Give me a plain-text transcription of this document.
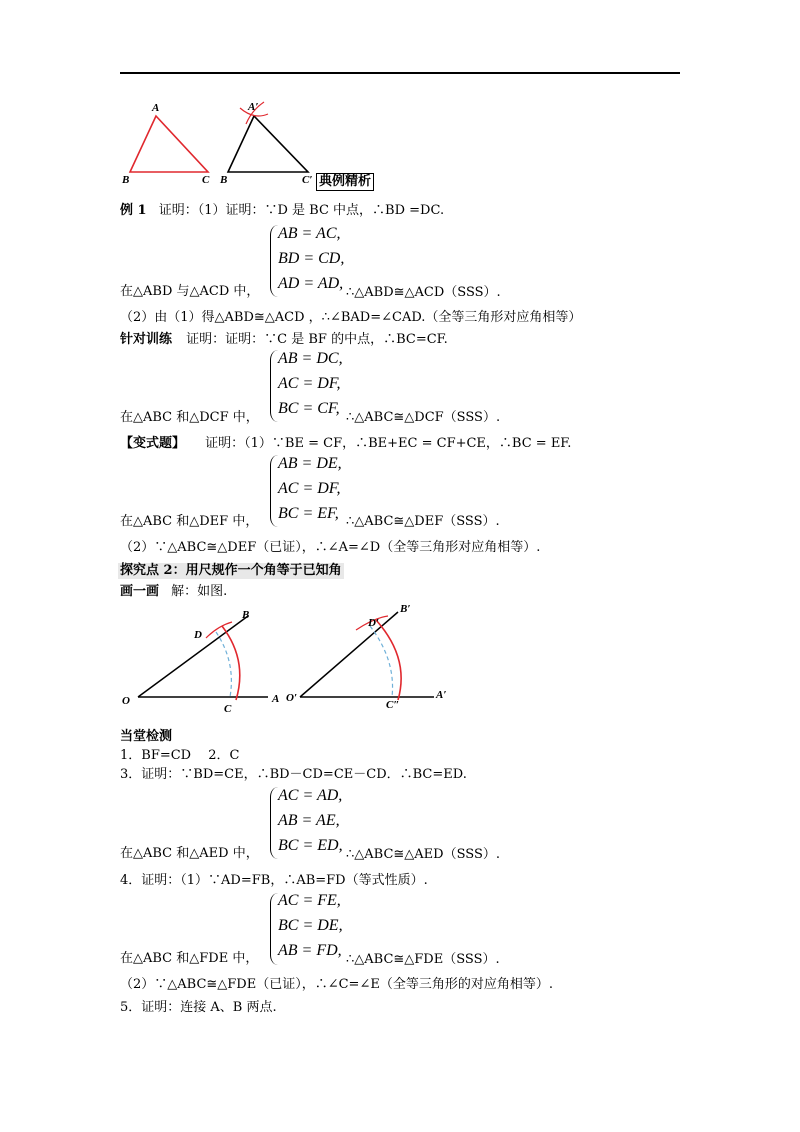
A
B	C
A′
B	C′ 典例精析
例 1 证明：（1）证明：∵D 是 BC 中点，∴BD =DC.
AB = AC,
BD = CD,
AD = AD,
在△ABD 与△ACD 中，	∴△ABD≅△ACD（SSS）.
（2）由（1）得△ABD≅△ACD ，∴∠BAD=∠CAD.（全等三角形对应角相等）
针对训练 证明：证明：∵C 是 BF 的中点，∴BC=CF.
AB = DC,
AC = DF,
BC = CF,
在△ABC 和△DCF 中，	∴△ABC≅△DCF（SSS）.
【变式题】 证明：（1）∵BE = CF，∴BE+EC = CF+CE，∴BC = EF.
AB = DE,
AC = DF,
BC = EF,
在△ABC 和△DEF 中，	∴△ABC≅△DEF（SSS）.
（2）∵△ABC≅△DEF（已证），∴∠A=∠D（全等三角形对应角相等）.
探究点 2：用尺规作一个角等于已知角
画一画 解：如图.
O	A
B
C
D
O′	A′
B′
C″
D′
当堂检测
1．BF=CD　 2．C
3．证明：∵BD=CE，∴BD－CD=CE－CD．∴BC=ED.
AC = AD,
AB = AE,
BC = ED,
在△ABC 和△AED 中，	∴△ABC≅△AED（SSS）.
4．证明：（1）∵AD=FB，∴AB=FD（等式性质）.
AC = FE,
BC = DE,
AB = FD,
在△ABC 和△FDE 中，	∴△ABC≅△FDE（SSS）.
（2）∵△ABC≅△FDE（已证），∴∠C=∠E（全等三角形的对应角相等）.
5．证明：连接 A、B 两点.
